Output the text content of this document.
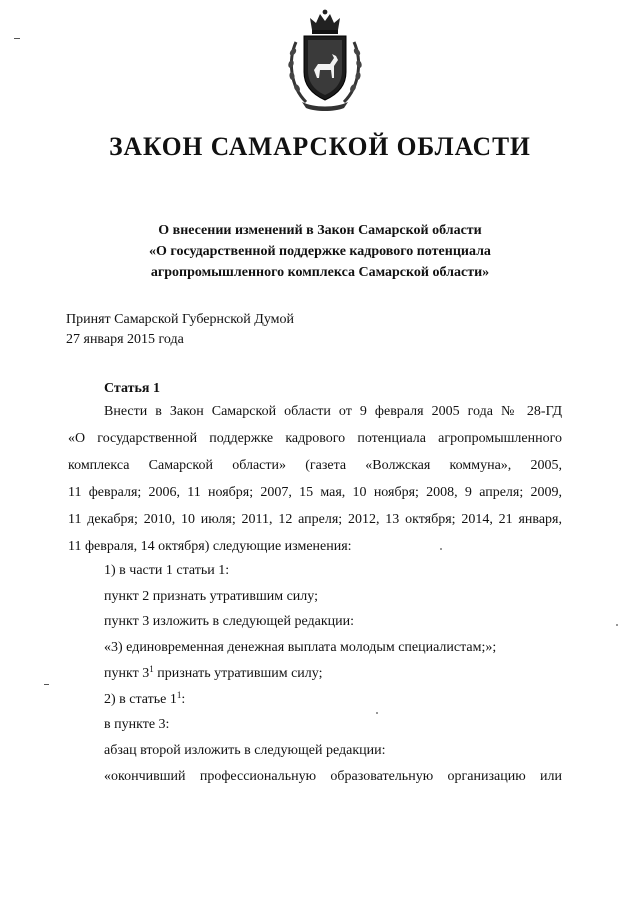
ЗАКОН САМАРСКОЙ ОБЛАСТИ
О внесении изменений в Закон Самарской области
«О государственной поддержке кадрового потенциала
агропромышленного комплекса Самарской области»
Принят Самарской Губернской Думой
27 января 2015 года
Статья 1
Внести в Закон Самарской области от 9 февраля 2005 года № 28-ГД
«О государственной поддержке кадрового потенциала агропромышленного
комплекса Самарской области» (газета «Волжская коммуна», 2005,
11 февраля; 2006, 11 ноября; 2007, 15 мая, 10 ноября; 2008, 9 апреля; 2009,
11 декабря; 2010, 10 июля; 2011, 12 апреля; 2012, 13 октября; 2014, 21 января,
11 февраля, 14 октября) следующие изменения:
1) в части 1 статьи 1:
пункт 2 признать утратившим силу;
пункт 3 изложить в следующей редакции:
«3) единовременная денежная выплата молодым специалистам;»;
пункт $3^1$ признать утратившим силу;
2) в статье $1^1$:
в пункте 3:
абзац второй изложить в следующей редакции:
«окончивший профессиональную образовательную организацию или
